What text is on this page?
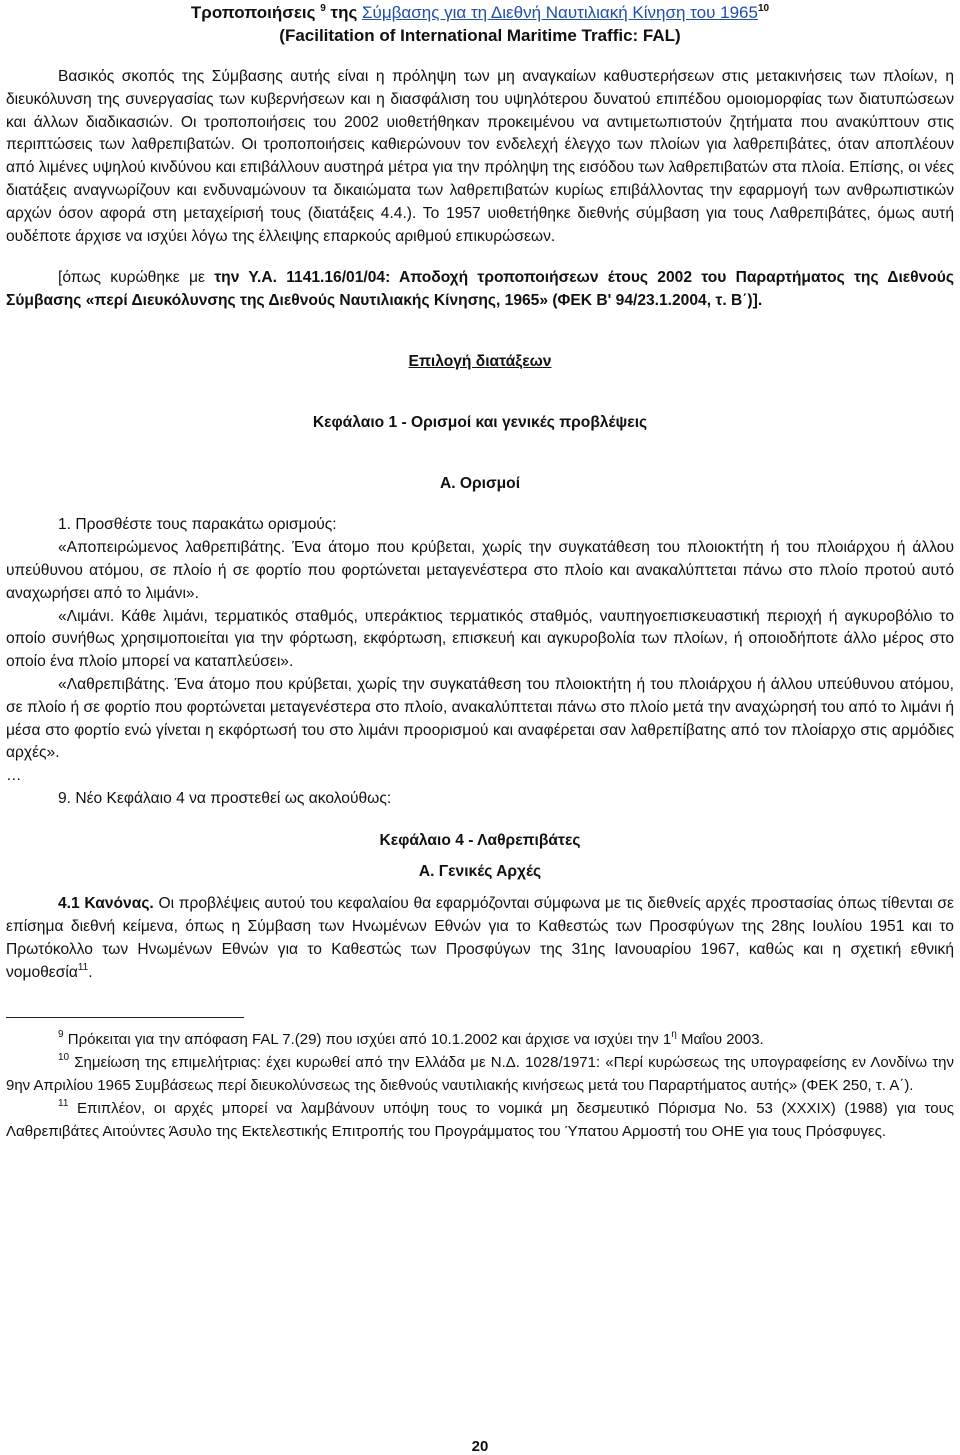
Τροποποιήσεις $^9$ της Σύμβασης για τη Διεθνή Ναυτιλιακή Κίνηση του 1965$^{10}$
(Facilitation of International Maritime Traffic: FAL)

Βασικός σκοπός της Σύμβασης αυτής είναι η πρόληψη των μη αναγκαίων καθυστερήσεων στις μετακινήσεις των πλοίων, η διευκόλυνση της συνεργασίας των κυβερνήσεων και η διασφάλιση του υψηλότερου δυνατού επιπέδου ομοιομορφίας των διατυπώσεων και άλλων διαδικασιών. Οι τροποποιήσεις του 2002 υιοθετήθηκαν προκειμένου να αντιμετωπιστούν ζητήματα που ανακύπτουν στις περιπτώσεις των λαθρεπιβατών. Οι τροποποιήσεις καθιερώνουν τον ενδελεχή έλεγχο των πλοίων για λαθρεπιβάτες, όταν αποπλέουν από λιμένες υψηλού κινδύνου και επιβάλλουν αυστηρά μέτρα για την πρόληψη της εισόδου των λαθρεπιβατών στα πλοία. Επίσης, οι νέες διατάξεις αναγνωρίζουν και ενδυναμώνουν τα δικαιώματα των λαθρεπιβατών κυρίως επιβάλλοντας την εφαρμογή των ανθρωπιστικών αρχών όσον αφορά στη μεταχείρισή τους (διατάξεις 4.4.). Το 1957 υιοθετήθηκε διεθνής σύμβαση για τους Λαθρεπιβάτες, όμως αυτή ουδέποτε άρχισε να ισχύει λόγω της έλλειψης επαρκούς αριθμού επικυρώσεων.

[όπως κυρώθηκε με την Υ.Α. 1141.16/01/04: Αποδοχή τροποποιήσεων έτους 2002 του Παραρτήματος της Διεθνούς Σύμβασης «περί Διευκόλυνσης της Διεθνούς Ναυτιλιακής Κίνησης, 1965» (ΦΕΚ Β' 94/23.1.2004, τ. Β΄)].

Επιλογή διατάξεων

Κεφάλαιο 1 - Ορισμοί και γενικές προβλέψεις

Α. Ορισμοί

1. Προσθέστε τους παρακάτω ορισμούς:

«Αποπειρώμενος λαθρεπιβάτης. Ένα άτομο που κρύβεται, χωρίς την συγκατάθεση του πλοιοκτήτη ή του πλοιάρχου ή άλλου υπεύθυνου ατόμου, σε πλοίο ή σε φορτίο που φορτώνεται μεταγενέστερα στο πλοίο και ανακαλύπτεται πάνω στο πλοίο προτού αυτό αναχωρήσει από το λιμάνι».

«Λιμάνι. Κάθε λιμάνι, τερματικός σταθμός, υπεράκτιος τερματικός σταθμός, ναυπηγοεπισκευαστική περιοχή ή αγκυροβόλιο το οποίο συνήθως χρησιμοποιείται για την φόρτωση, εκφόρτωση, επισκευή και αγκυροβολία των πλοίων, ή οποιοδήποτε άλλο μέρος στο οποίο ένα πλοίο μπορεί να καταπλεύσει».

«Λαθρεπιβάτης. Ένα άτομο που κρύβεται, χωρίς την συγκατάθεση του πλοιοκτήτη ή του πλοιάρχου ή άλλου υπεύθυνου ατόμου, σε πλοίο ή σε φορτίο που φορτώνεται μεταγενέστερα στο πλοίο, ανακαλύπτεται πάνω στο πλοίο μετά την αναχώρησή του από το λιμάνι ή μέσα στο φορτίο ενώ γίνεται η εκφόρτωσή του στο λιμάνι προορισμού και αναφέρεται σαν λαθρεπίβατης από τον πλοίαρχο στις αρμόδιες αρχές».

…

9. Νέο Κεφάλαιο 4 να προστεθεί ως ακολούθως:

Κεφάλαιο 4 - Λαθρεπιβάτες

Α. Γενικές Αρχές

4.1 Κανόνας. Οι προβλέψεις αυτού του κεφαλαίου θα εφαρμόζονται σύμφωνα με τις διεθνείς αρχές προστασίας όπως τίθενται σε επίσημα διεθνή κείμενα, όπως η Σύμβαση των Ηνωμένων Εθνών για το Καθεστώς των Προσφύγων της 28ης Ιουλίου 1951 και το Πρωτόκολλο των Ηνωμένων Εθνών για το Καθεστώς των Προσφύγων της 31ης Ιανουαρίου 1967, καθώς και η σχετική εθνική νομοθεσία$^{11}$.

$^9$ Πρόκειται για την απόφαση FAL 7.(29) που ισχύει από 10.1.2002 και άρχισε να ισχύει την $1^\eta$ Μαΐου 2003.

$^{10}$ Σημείωση της επιμελήτριας: έχει κυρωθεί από την Ελλάδα με Ν.Δ. 1028/1971: «Περί κυρώσεως της υπογραφείσης εν Λονδίνω την 9ην Απριλίου 1965 Συμβάσεως περί διευκολύνσεως της διεθνούς ναυτιλιακής κινήσεως μετά του Παραρτήματος αυτής» (ΦΕΚ 250, τ. Α΄).

$^{11}$ Επιπλέον, οι αρχές μπορεί να λαμβάνουν υπόψη τους το νομικά μη δεσμευτικό Πόρισμα No. 53 (XXXIX) (1988) για τους Λαθρεπιβάτες Αιτούντες Άσυλο της Εκτελεστικής Επιτροπής του Προγράμματος του Ύπατου Αρμοστή του ΟΗΕ για τους Πρόσφυγες.

20
